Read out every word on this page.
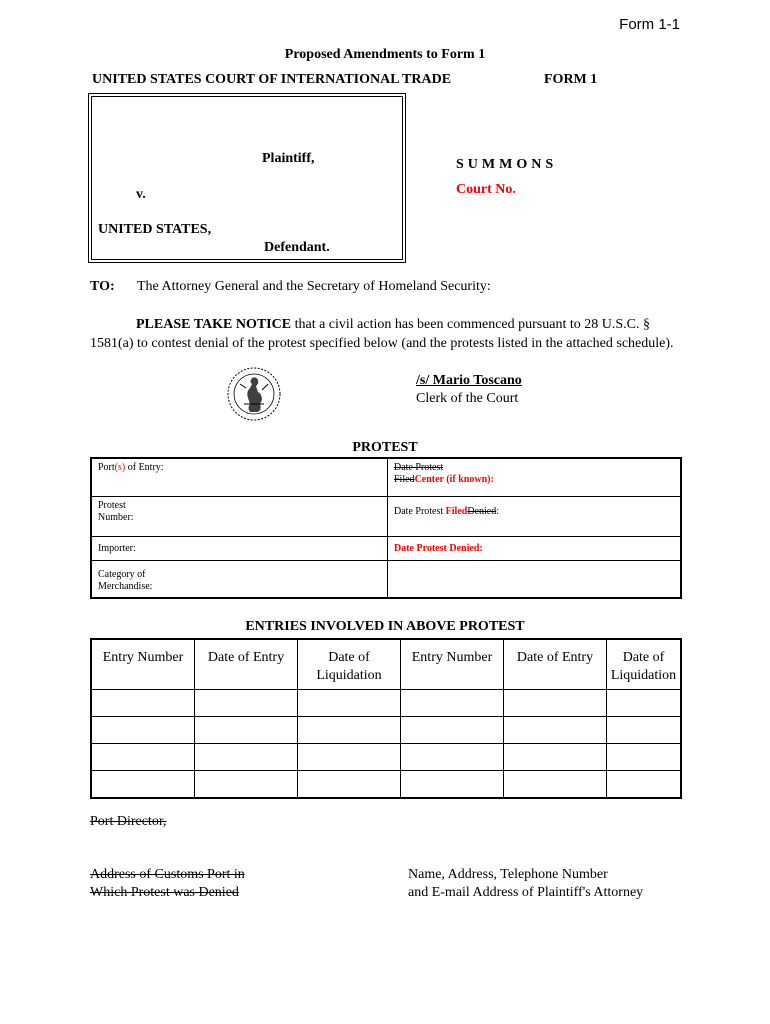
Form 1-1
Proposed Amendments to Form 1
UNITED STATES COURT OF INTERNATIONAL TRADE	FORM 1
Plaintiff,
v.
UNITED STATES,
Defendant.
SUMMONS
Court No.
TO: The Attorney General and the Secretary of Homeland Security:
PLEASE TAKE NOTICE that a civil action has been commenced pursuant to 28 U.S.C. § 1581(a) to contest denial of the protest specified below (and the protests listed in the attached schedule).
/s/ Mario Toscano
Clerk of the Court
PROTEST
Port(s) of Entry:	Date Protest
FiledCenter (if known):
Protest Number:	Date Protest FiledDenied:
Importer:	Date Protest Denied:
Category of Merchandise:	
ENTRIES INVOLVED IN ABOVE PROTEST
Entry Number	Date of Entry	Date of Liquidation	Entry Number	Date of Entry	Date of Liquidation

Port Director,
Address of Customs Port in
Which Protest was Denied
Name, Address, Telephone Number
and E-mail Address of Plaintiff's Attorney
